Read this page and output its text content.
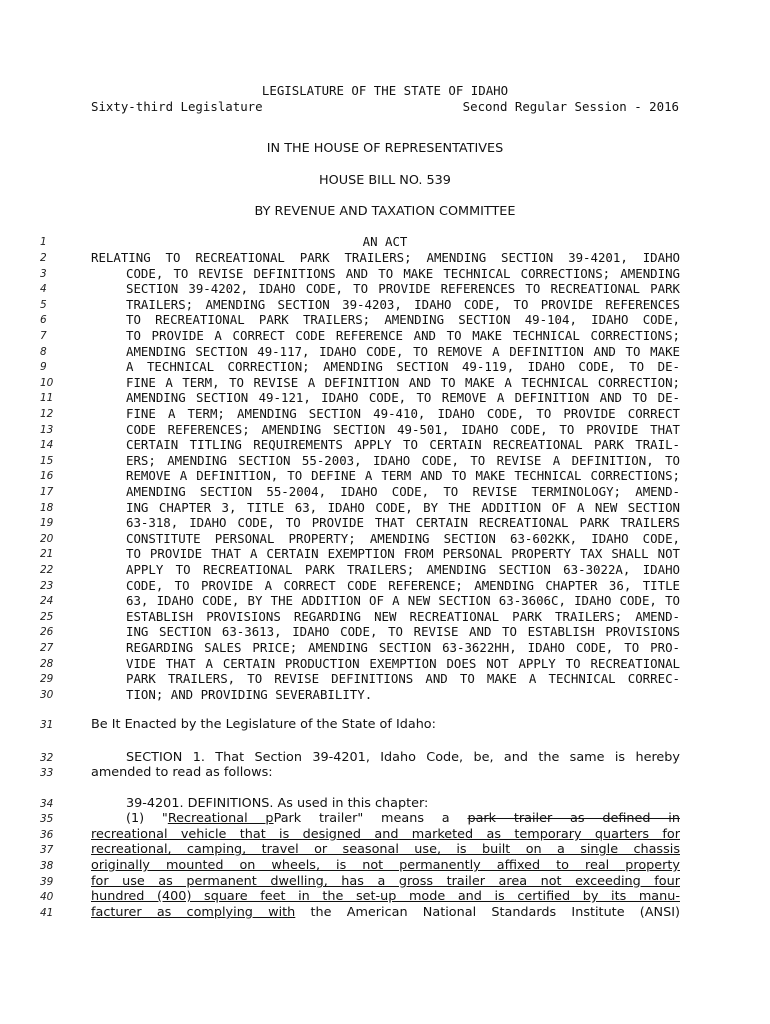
LEGISLATURE OF THE STATE OF IDAHO
Sixty-third Legislature	Second Regular Session - 2016
IN THE HOUSE OF REPRESENTATIVES
HOUSE BILL NO. 539
BY REVENUE AND TAXATION COMMITTEE
1	AN ACT
2	RELATING TO RECREATIONAL PARK TRAILERS; AMENDING SECTION 39-4201, IDAHO
3	CODE, TO REVISE DEFINITIONS AND TO MAKE TECHNICAL CORRECTIONS; AMENDING
4	SECTION 39-4202, IDAHO CODE, TO PROVIDE REFERENCES TO RECREATIONAL PARK
5	TRAILERS; AMENDING SECTION 39-4203, IDAHO CODE, TO PROVIDE REFERENCES
6	TO RECREATIONAL PARK TRAILERS; AMENDING SECTION 49-104, IDAHO CODE,
7	TO PROVIDE A CORRECT CODE REFERENCE AND TO MAKE TECHNICAL CORRECTIONS;
8	AMENDING SECTION 49-117, IDAHO CODE, TO REMOVE A DEFINITION AND TO MAKE
9	A TECHNICAL CORRECTION; AMENDING SECTION 49-119, IDAHO CODE, TO DE-
10	FINE A TERM, TO REVISE A DEFINITION AND TO MAKE A TECHNICAL CORRECTION;
11	AMENDING SECTION 49-121, IDAHO CODE, TO REMOVE A DEFINITION AND TO DE-
12	FINE A TERM; AMENDING SECTION 49-410, IDAHO CODE, TO PROVIDE CORRECT
13	CODE REFERENCES; AMENDING SECTION 49-501, IDAHO CODE, TO PROVIDE THAT
14	CERTAIN TITLING REQUIREMENTS APPLY TO CERTAIN RECREATIONAL PARK TRAIL-
15	ERS; AMENDING SECTION 55-2003, IDAHO CODE, TO REVISE A DEFINITION, TO
16	REMOVE A DEFINITION, TO DEFINE A TERM AND TO MAKE TECHNICAL CORRECTIONS;
17	AMENDING SECTION 55-2004, IDAHO CODE, TO REVISE TERMINOLOGY; AMEND-
18	ING CHAPTER 3, TITLE 63, IDAHO CODE, BY THE ADDITION OF A NEW SECTION
19	63-318, IDAHO CODE, TO PROVIDE THAT CERTAIN RECREATIONAL PARK TRAILERS
20	CONSTITUTE PERSONAL PROPERTY; AMENDING SECTION 63-602KK, IDAHO CODE,
21	TO PROVIDE THAT A CERTAIN EXEMPTION FROM PERSONAL PROPERTY TAX SHALL NOT
22	APPLY TO RECREATIONAL PARK TRAILERS; AMENDING SECTION 63-3022A, IDAHO
23	CODE, TO PROVIDE A CORRECT CODE REFERENCE; AMENDING CHAPTER 36, TITLE
24	63, IDAHO CODE, BY THE ADDITION OF A NEW SECTION 63-3606C, IDAHO CODE, TO
25	ESTABLISH PROVISIONS REGARDING NEW RECREATIONAL PARK TRAILERS; AMEND-
26	ING SECTION 63-3613, IDAHO CODE, TO REVISE AND TO ESTABLISH PROVISIONS
27	REGARDING SALES PRICE; AMENDING SECTION 63-3622HH, IDAHO CODE, TO PRO-
28	VIDE THAT A CERTAIN PRODUCTION EXEMPTION DOES NOT APPLY TO RECREATIONAL
29	PARK TRAILERS, TO REVISE DEFINITIONS AND TO MAKE A TECHNICAL CORREC-
30	TION; AND PROVIDING SEVERABILITY.
31	Be It Enacted by the Legislature of the State of Idaho:
32	SECTION 1. That Section 39-4201, Idaho Code, be, and the same is hereby
33	amended to read as follows:
34	39-4201. DEFINITIONS. As used in this chapter:
35	(1) "Recreational pPark trailer" means a park trailer as defined in
36	recreational vehicle that is designed and marketed as temporary quarters for
37	recreational, camping, travel or seasonal use, is built on a single chassis
38	originally mounted on wheels, is not permanently affixed to real property
39	for use as permanent dwelling, has a gross trailer area not exceeding four
40	hundred (400) square feet in the set-up mode and is certified by its manu-
41	facturer as complying with the American National Standards Institute (ANSI)
